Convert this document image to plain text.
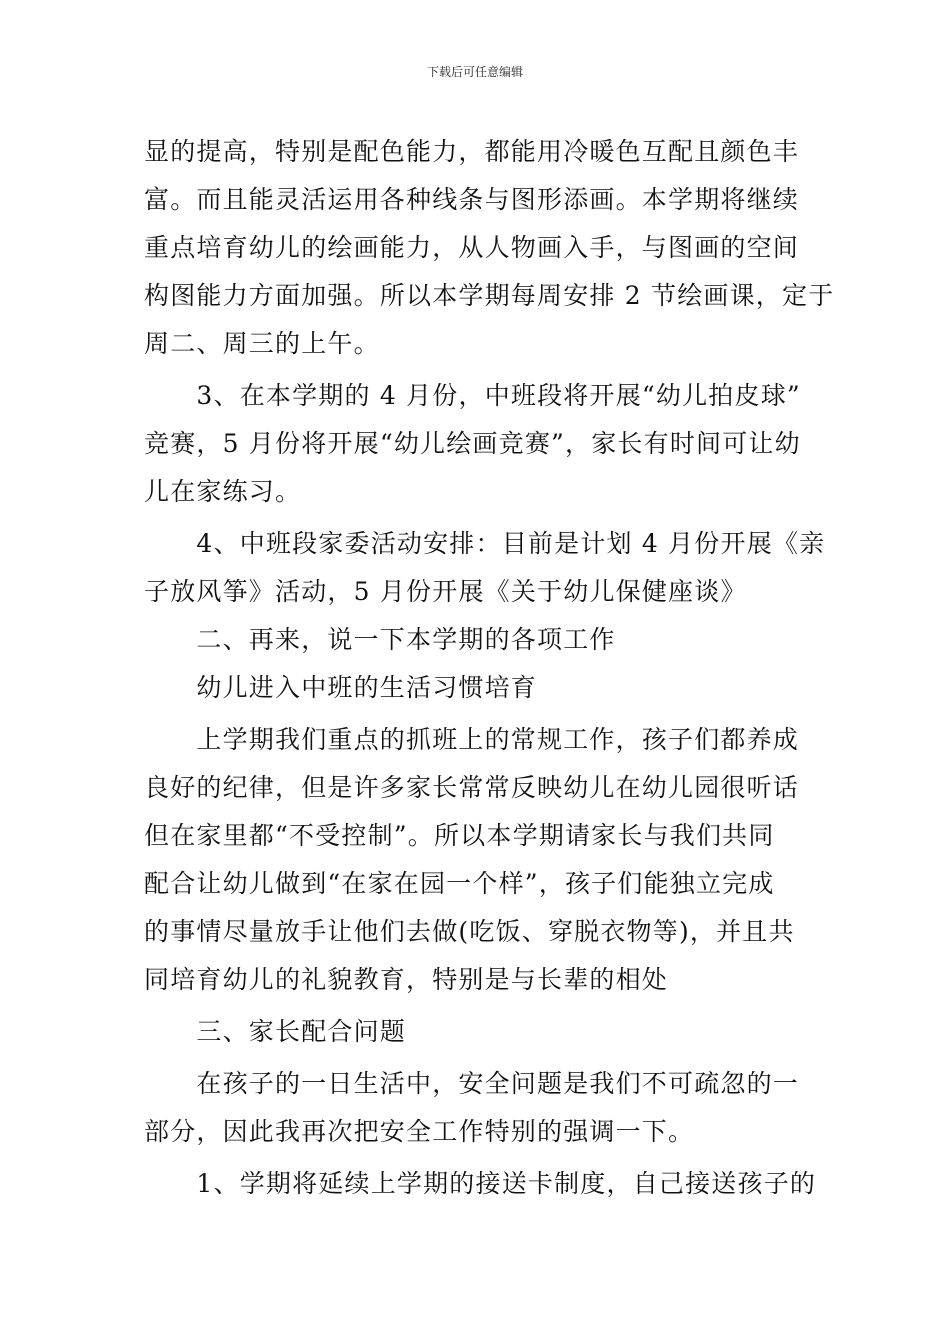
下载后可任意编辑
显的提高，特别是配色能力，都能用冷暖色互配且颜色丰
富。而且能灵活运用各种线条与图形添画。本学期将继续
重点培育幼儿的绘画能力，从人物画入手，与图画的空间
构图能力方面加强。所以本学期每周安排 2 节绘画课，定于
周二、周三的上午。
　　3、在本学期的 4 月份，中班段将开展“幼儿拍皮球”
竞赛，5 月份将开展“幼儿绘画竞赛”，家长有时间可让幼
儿在家练习。
　　4、中班段家委活动安排：目前是计划 4 月份开展《亲
子放风筝》活动，5 月份开展《关于幼儿保健座谈》
　　二、再来，说一下本学期的各项工作
　　幼儿进入中班的生活习惯培育
　　上学期我们重点的抓班上的常规工作，孩子们都养成
良好的纪律，但是许多家长常常反映幼儿在幼儿园很听话
但在家里都“不受控制”。所以本学期请家长与我们共同
配合让幼儿做到“在家在园一个样”，孩子们能独立完成
的事情尽量放手让他们去做(吃饭、穿脱衣物等)，并且共
同培育幼儿的礼貌教育，特别是与长辈的相处
　　三、家长配合问题
　　在孩子的一日生活中，安全问题是我们不可疏忽的一
部分，因此我再次把安全工作特别的强调一下。
　　1、学期将延续上学期的接送卡制度，自己接送孩子的
